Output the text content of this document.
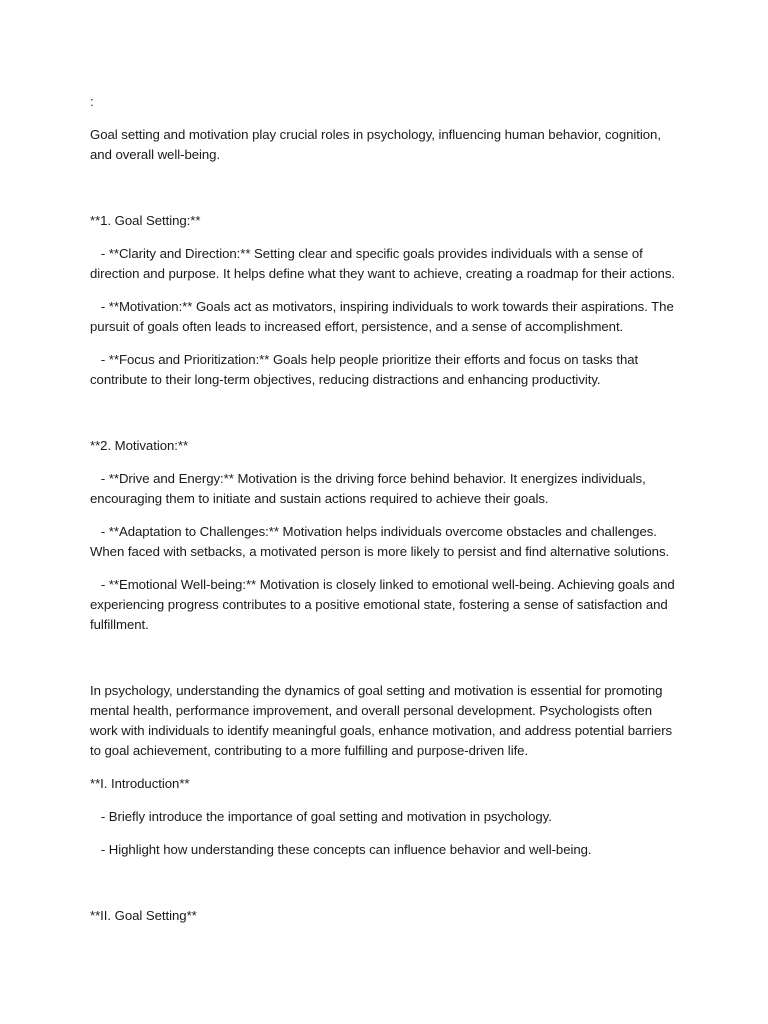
:

Goal setting and motivation play crucial roles in psychology, influencing human behavior, cognition, and overall well-being.

**1. Goal Setting:**

- **Clarity and Direction:** Setting clear and specific goals provides individuals with a sense of direction and purpose. It helps define what they want to achieve, creating a roadmap for their actions.

- **Motivation:** Goals act as motivators, inspiring individuals to work towards their aspirations. The pursuit of goals often leads to increased effort, persistence, and a sense of accomplishment.

- **Focus and Prioritization:** Goals help people prioritize their efforts and focus on tasks that contribute to their long-term objectives, reducing distractions and enhancing productivity.

**2. Motivation:**

- **Drive and Energy:** Motivation is the driving force behind behavior. It energizes individuals, encouraging them to initiate and sustain actions required to achieve their goals.

- **Adaptation to Challenges:** Motivation helps individuals overcome obstacles and challenges. When faced with setbacks, a motivated person is more likely to persist and find alternative solutions.

- **Emotional Well-being:** Motivation is closely linked to emotional well-being. Achieving goals and experiencing progress contributes to a positive emotional state, fostering a sense of satisfaction and fulfillment.

In psychology, understanding the dynamics of goal setting and motivation is essential for promoting mental health, performance improvement, and overall personal development. Psychologists often work with individuals to identify meaningful goals, enhance motivation, and address potential barriers to goal achievement, contributing to a more fulfilling and purpose-driven life.

**I. Introduction**

- Briefly introduce the importance of goal setting and motivation in psychology.

- Highlight how understanding these concepts can influence behavior and well-being.

**II. Goal Setting**
